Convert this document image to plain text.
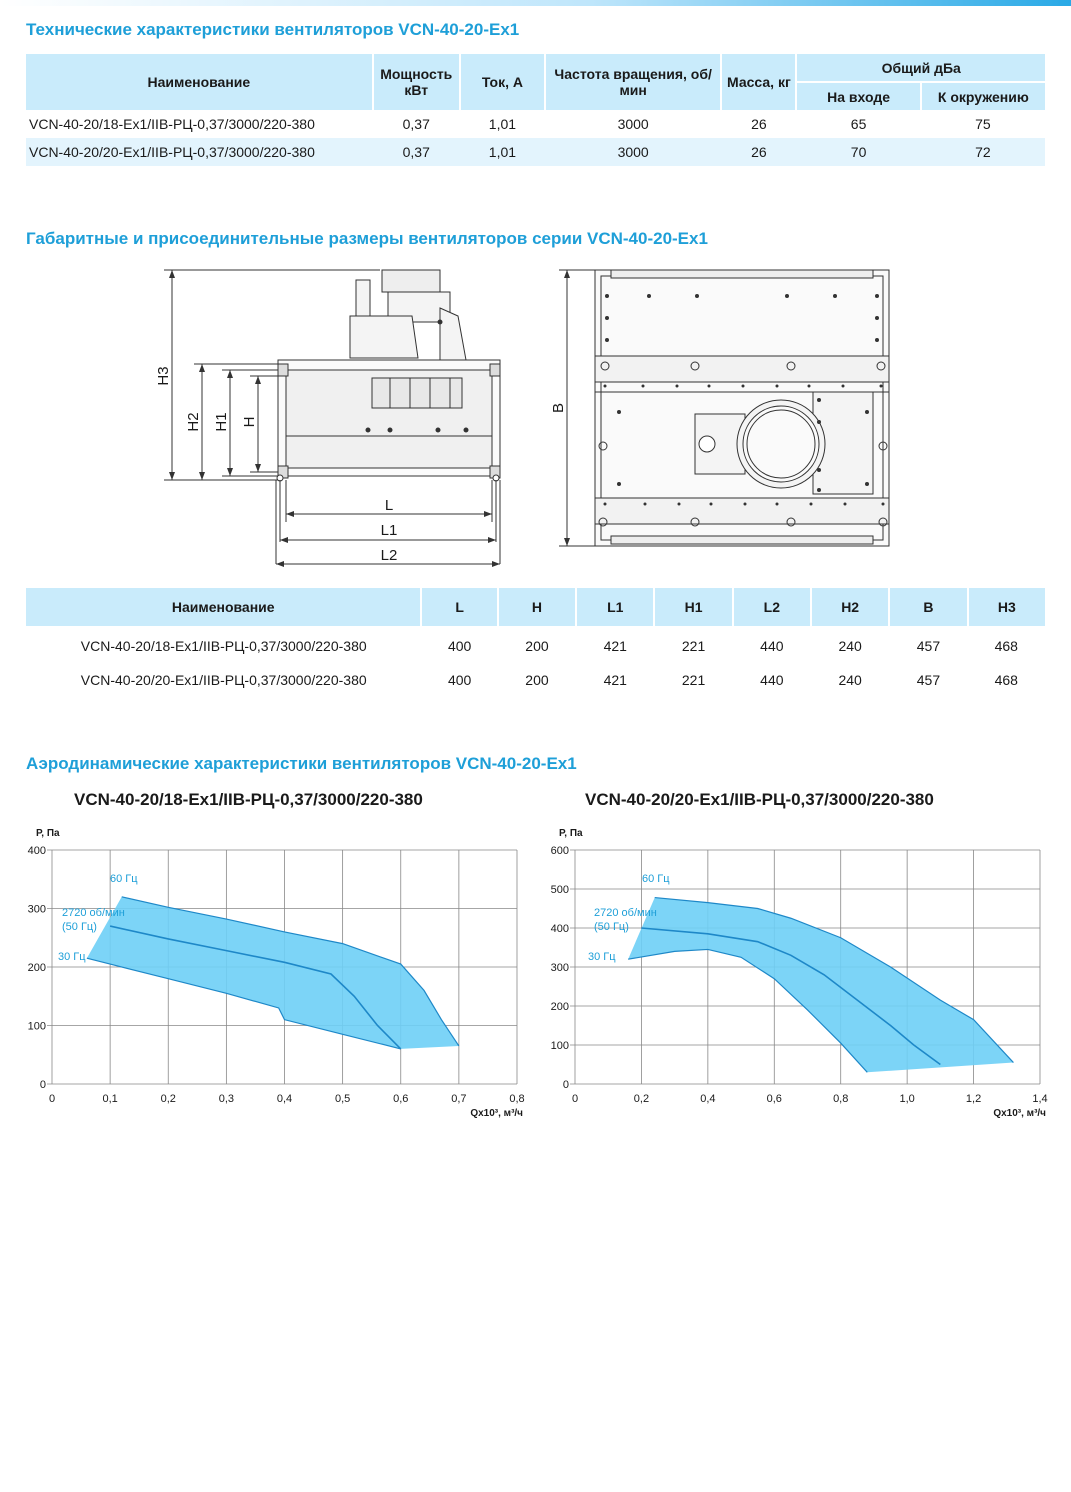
Технические характеристики вентиляторов VCN-40-20-Ex1
Наименование	Мощность кВт	Ток, А	Частота вращения, об/мин	Масса, кг	Общий дБа	
					На входе	К окружению
VCN-40-20/18-Ex1/IIB-РЦ-0,37/3000/220-380	0,37	1,01	3000	26	65	75
VCN-40-20/20-Ex1/IIB-РЦ-0,37/3000/220-380	0,37	1,01	3000	26	70	72
Габаритные и присоединительные размеры вентиляторов серии VCN-40-20-Ex1
H3
H2 H1 H
L
L1
L2
B
Наименование	L	H	L1	H1	L2	H2	B	H3
VCN-40-20/18-Ex1/IIB-РЦ-0,37/3000/220-380	400	200	421	221	440	240	457	468
VCN-40-20/20-Ex1/IIB-РЦ-0,37/3000/220-380	400	200	421	221	440	240	457	468
Аэродинамические характеристики вентиляторов VCN-40-20-Ex1
VCN-40-20/18-Ex1/IIB-РЦ-0,37/3000/220-380	VCN-40-20/20-Ex1/IIB-РЦ-0,37/3000/220-380
0	0,1	0,2	0,3	0,4	0,5	0,6	0,7	0,8
0
100
200
300
400
Р, Па
Qx10³, м³/ч
60 Гц
2720 об/мин
(50 Гц)
30 Гц
0	0,2	0,4	0,6	0,8	1,0	1,2	1,4
0
100
200
300
400
500
600
Р, Па
Qx10³, м³/ч
60 Гц
2720 об/мин
(50 Гц)
30 Гц
